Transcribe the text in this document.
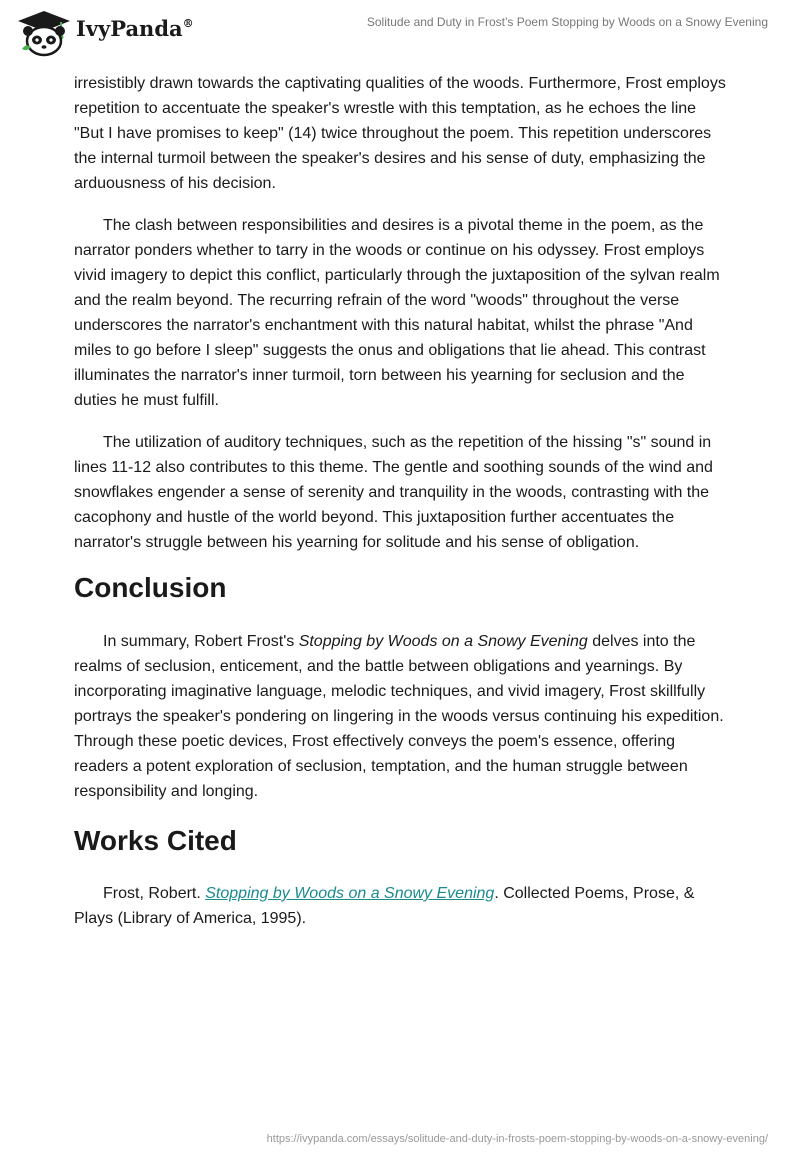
IvyPanda®	Solitude and Duty in Frost’s Poem Stopping by Woods on a Snowy Evening

irresistibly drawn towards the captivating qualities of the woods. Furthermore, Frost employs repetition to accentuate the speaker's wrestle with this temptation, as he echoes the line "But I have promises to keep" (14) twice throughout the poem. This repetition underscores the internal turmoil between the speaker's desires and his sense of duty, emphasizing the arduousness of his decision.

The clash between responsibilities and desires is a pivotal theme in the poem, as the narrator ponders whether to tarry in the woods or continue on his odyssey. Frost employs vivid imagery to depict this conflict, particularly through the juxtaposition of the sylvan realm and the realm beyond. The recurring refrain of the word "woods" throughout the verse underscores the narrator's enchantment with this natural habitat, whilst the phrase "And miles to go before I sleep" suggests the onus and obligations that lie ahead. This contrast illuminates the narrator's inner turmoil, torn between his yearning for seclusion and the duties he must fulfill.

The utilization of auditory techniques, such as the repetition of the hissing "s" sound in lines 11-12 also contributes to this theme. The gentle and soothing sounds of the wind and snowflakes engender a sense of serenity and tranquility in the woods, contrasting with the cacophony and hustle of the world beyond. This juxtaposition further accentuates the narrator's struggle between his yearning for solitude and his sense of obligation.

Conclusion

In summary, Robert Frost's Stopping by Woods on a Snowy Evening delves into the realms of seclusion, enticement, and the battle between obligations and yearnings. By incorporating imaginative language, melodic techniques, and vivid imagery, Frost skillfully portrays the speaker's pondering on lingering in the woods versus continuing his expedition. Through these poetic devices, Frost effectively conveys the poem's essence, offering readers a potent exploration of seclusion, temptation, and the human struggle between responsibility and longing.

Works Cited

Frost, Robert. Stopping by Woods on a Snowy Evening. Collected Poems, Prose, & Plays (Library of America, 1995).

https://ivypanda.com/essays/solitude-and-duty-in-frosts-poem-stopping-by-woods-on-a-snowy-evening/
